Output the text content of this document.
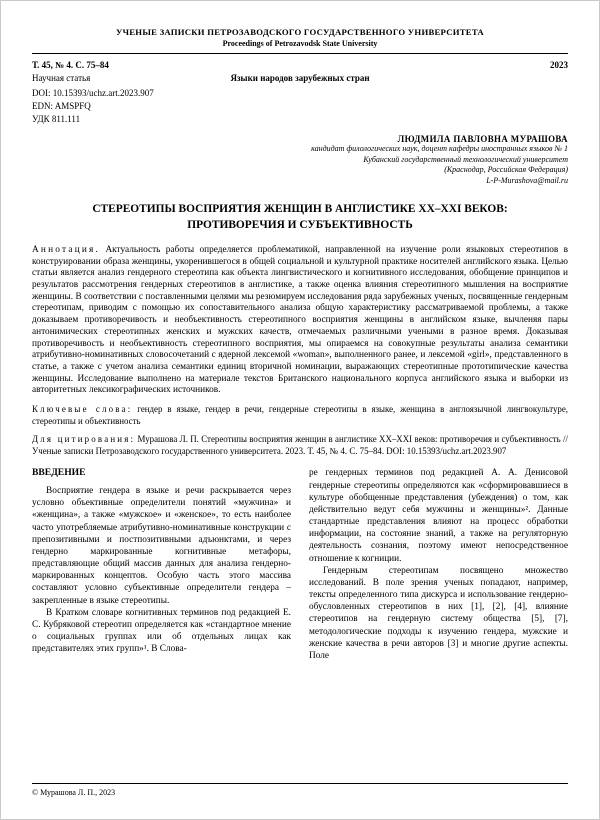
УЧЕНЫЕ ЗАПИСКИ ПЕТРОЗАВОДСКОГО ГОСУДАРСТВЕННОГО УНИВЕРСИТЕТА
Proceedings of Petrozavodsk State University
Т. 45, № 4. С. 75–84	2023
Научная статья	Языки народов зарубежных стран
DOI: 10.15393/uchz.art.2023.907
EDN: AMSPFQ
УДК 811.111
ЛЮДМИЛА ПАВЛОВНА МУРАШОВА
кандидат филологических наук, доцент кафедры иностранных языков № 1
Кубанский государственный технологический университет
(Краснодар, Российская Федерация)
L-P-Murashova@mail.ru
СТЕРЕОТИПЫ ВОСПРИЯТИЯ ЖЕНЩИН В АНГЛИСТИКЕ XX–XXI ВЕКОВ: ПРОТИВОРЕЧИЯ И СУБЪЕКТИВНОСТЬ

Аннотация. Актуальность работы определяется проблематикой, направленной на изучение роли языковых стереотипов в конструировании образа женщины, укоренившегося в общей социальной и культурной практике носителей английского языка. Целью статьи является анализ гендерного стереотипа как объекта лингвистического и когнитивного исследования, обобщение принципов и результатов рассмотрения гендерных стереотипов в англистике, а также оценка влияния стереотипного мышления на восприятие женщины. В соответствии с поставленными целями мы резюмируем исследования ряда зарубежных ученых, посвященные гендерным стереотипам, приводим с помощью их сопоставительного анализа общую характеристику рассматриваемой проблемы, а также доказываем противоречивость и необъективность стереотипного восприятия женщины в английском языке, вычленяя пары антонимических стереотипных женских и мужских качеств, отмечаемых различными учеными в разное время. Доказывая противоречивость и необъективность стереотипного восприятия, мы опираемся на совокупные результаты анализа семантики атрибутивно-номинативных словосочетаний с ядерной лексемой «woman», выполненного ранее, и лексемой «girl», представленного в статье, а также с учетом анализа семантики единиц вторичной номинации, выражающих стереотипные прототипические качества женщины. Исследование выполнено на материале текстов Британского национального корпуса английского языка и выборки из авторитетных лексикографических источников.

Ключевые слова: гендер в языке, гендер в речи, гендерные стереотипы в языке, женщина в англоязычной лингвокультуре, стереотипы и объективность

Для цитирования: Мурашова Л. П. Стереотипы восприятия женщин в англистике XX–XXI веков: противоречия и субъективность // Ученые записки Петрозаводского государственного университета. 2023. Т. 45, № 4. С. 75–84. DOI: 10.15393/uchz.art.2023.907

ВВЕДЕНИЕ

Восприятие гендера в языке и речи раскрывается через условно объективные определители понятий «мужчина» и «женщина», а также «мужское» и «женское», то есть наиболее часто употребляемые атрибутивно-номинативные конструкции с препозитивными и постпозитивными адъюнктами, и через гендерно маркированные когнитивные метафоры, представляющие общий массив данных для анализа гендерно-маркированных концептов. Особую часть этого массива составляют условно субъективные определители гендера – закрепленные в языке стереотипы.

В Кратком словаре когнитивных терминов под редакцией Е. С. Кубряковой стереотип определяется как «стандартное мнение о социальных группах или об отдельных лицах как представителях этих групп»¹. В Слова-

ре гендерных терминов под редакцией А. А. Денисовой гендерные стереотипы определяются как «сформировавшиеся в культуре обобщенные представления (убеждения) о том, как действительно ведут себя мужчины и женщины»². Данные стандартные представления влияют на процесс обработки информации, на состояние знаний, а также на регуляторную деятельность сознания, поэтому имеют непосредственное отношение к когниции.

Гендерным стереотипам посвящено множество исследований. В поле зрения ученых попадают, например, тексты определенного типа дискурса и использование гендерно-обусловленных стереотипов в них [1], [2], [4], влияние стереотипов на гендерную систему общества [5], [7], методологические подходы к изучению гендера, мужские и женские качества в речи авторов [3] и многие другие аспекты. Поле

© Мурашова Л. П., 2023
